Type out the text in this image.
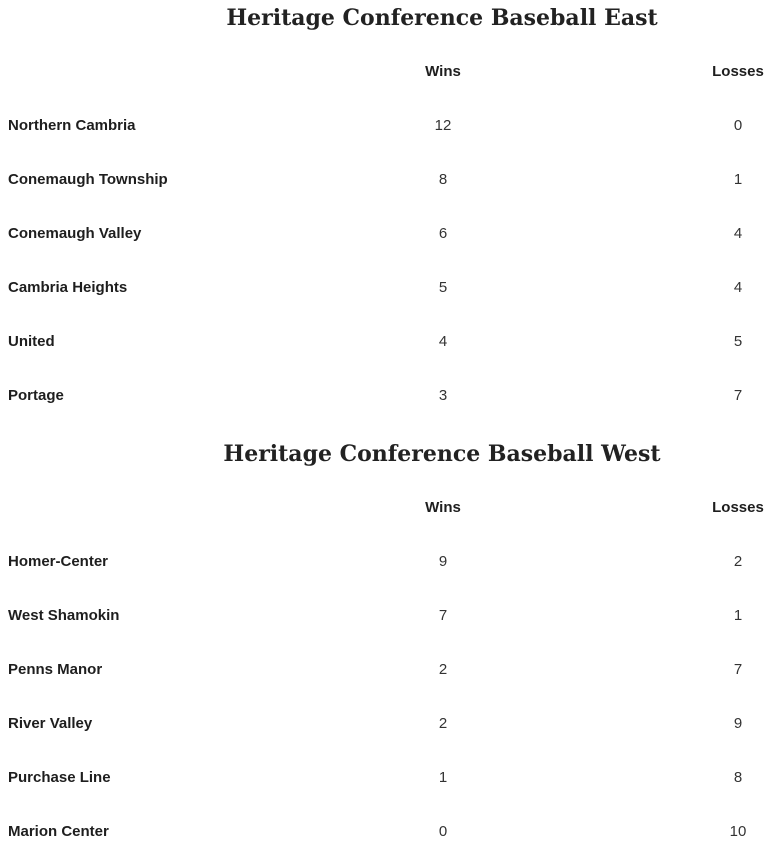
Heritage Conference Baseball East
Wins	Losses
Northern Cambria	12	0
Conemaugh Township	8	1
Conemaugh Valley	6	4
Cambria Heights	5	4
United	4	5
Portage	3	7
Heritage Conference Baseball West
Wins	Losses
Homer-Center	9	2
West Shamokin	7	1
Penns Manor	2	7
River Valley	2	9
Purchase Line	1	8
Marion Center	0	10
